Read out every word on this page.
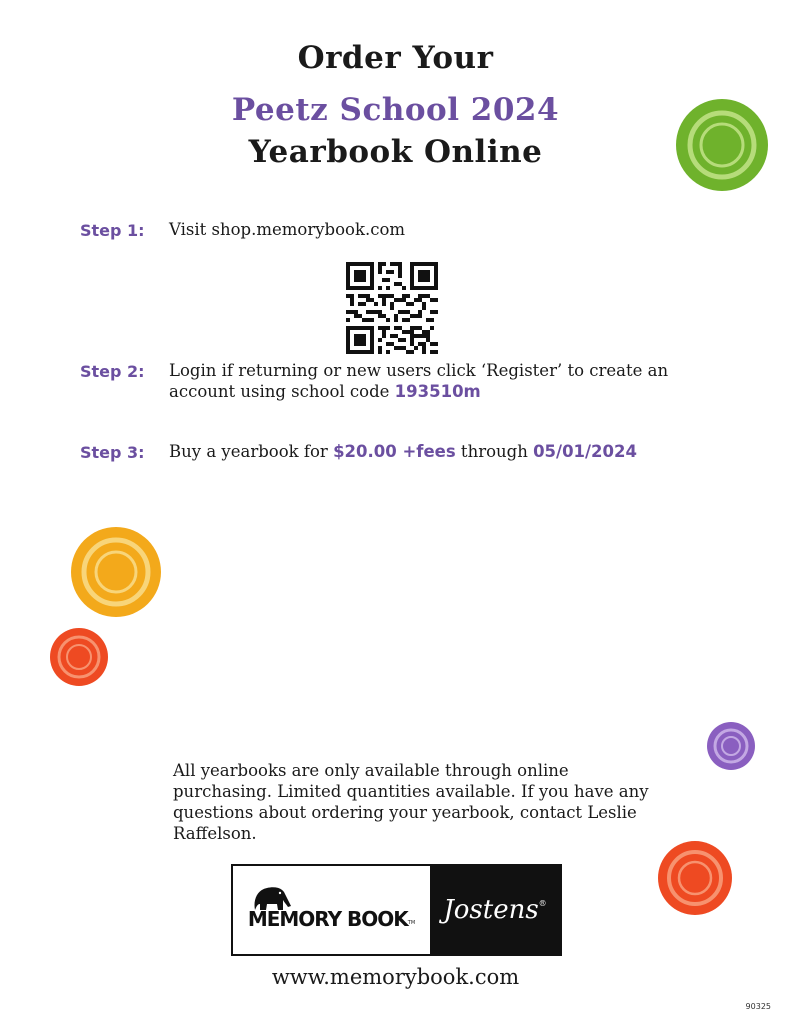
Order Your
Peetz School 2024
Yearbook Online
Step 1: Visit shop.memorybook.com
Step 2: Login if returning or new users click ‘Register’ to create an account using school code 193510m
Step 3: Buy a yearbook for $20.00 +fees through 05/01/2024
All yearbooks are only available through online purchasing. Limited quantities available. If you have any questions about ordering your yearbook, contact Leslie Raffelson.
MEMORY $BOOK_{TM}$ Jostens®
www.memorybook.com
90325
